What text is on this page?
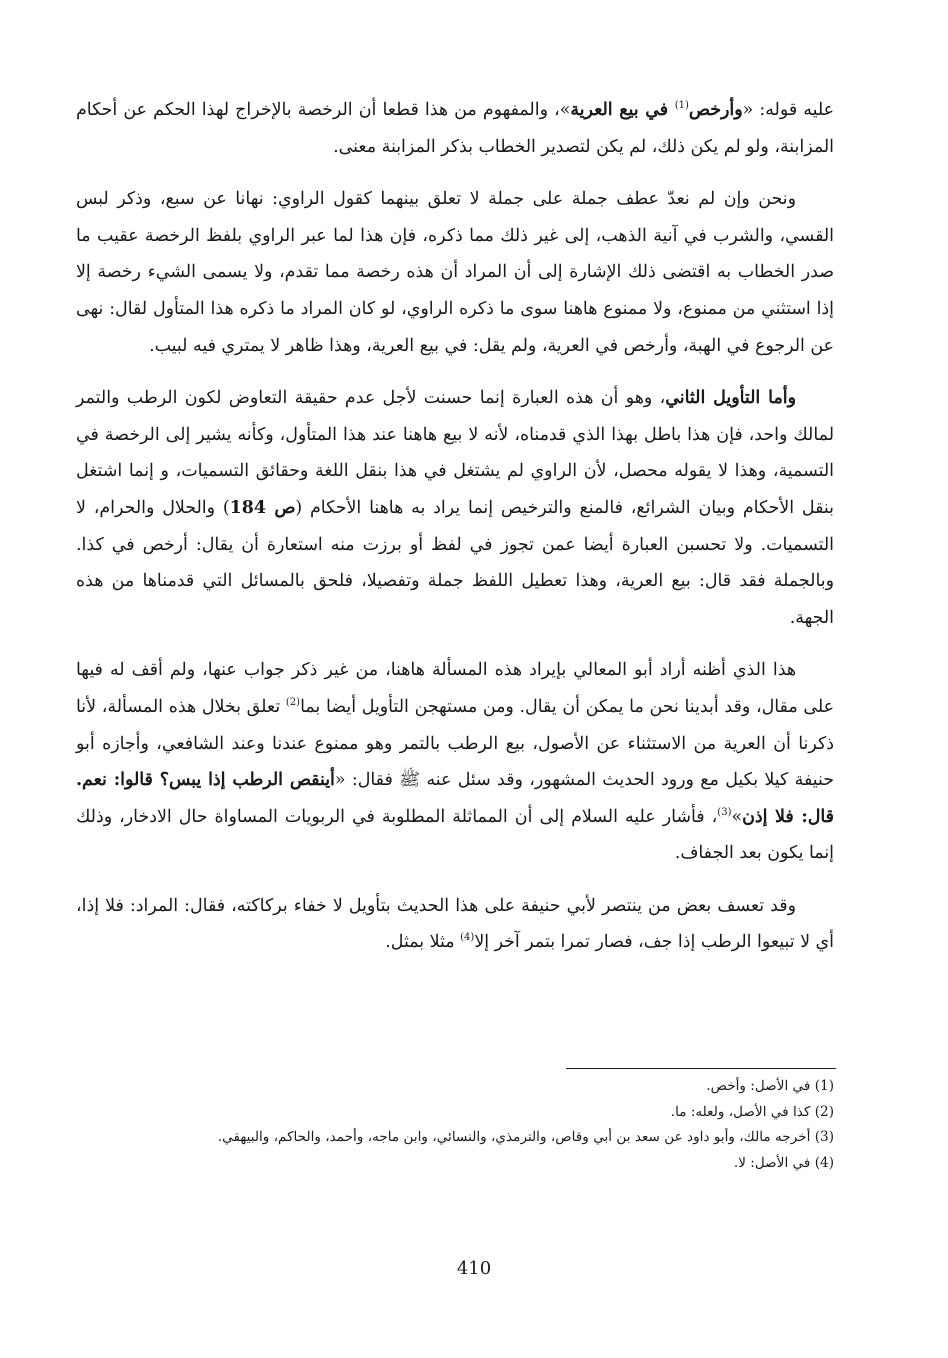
عليه قوله: «وأرخص$^{(1)}$ في بيع العرية»، والمفهوم من هذا قطعا أن الرخصة بالإخراج لهذا الحكم عن أحكام المزابنة، ولو لم يكن ذلك، لم يكن لتصدير الخطاب بذكر المزابنة معنى.

ونحن وإن لم نعدّ عطف جملة على جملة لا تعلق بينهما كقول الراوي: نهانا عن سبع، وذكر لبس القسي، والشرب في آنية الذهب، إلى غير ذلك مما ذكره، فإن هذا لما عبر الراوي بلفظ الرخصة عقيب ما صدر الخطاب به اقتضى ذلك الإشارة إلى أن المراد أن هذه رخصة مما تقدم، ولا يسمى الشيء رخصة إلا إذا استثني من ممنوع، ولا ممنوع هاهنا سوى ما ذكره الراوي، لو كان المراد ما ذكره هذا المتأول لقال: نهى عن الرجوع في الهبة، وأرخص في العرية، ولم يقل: في بيع العرية، وهذا ظاهر لا يمتري فيه لبيب.

وأما التأويل الثاني، وهو أن هذه العبارة إنما حسنت لأجل عدم حقيقة التعاوض لكون الرطب والتمر لمالك واحد، فإن هذا باطل بهذا الذي قدمناه، لأنه لا بيع هاهنا عند هذا المتأول، وكأنه يشير إلى الرخصة في التسمية، وهذا لا يقوله محصل، لأن الراوي لم يشتغل في هذا بنقل اللغة وحقائق التسميات، و إنما اشتغل بنقل الأحكام وبيان الشرائع، فالمنع والترخيص إنما يراد به هاهنا الأحكام (ص 184) والحلال والحرام، لا التسميات. ولا تحسبن العبارة أيضا عمن تجوز في لفظ أو برزت منه استعارة أن يقال: أرخص في كذا. وبالجملة فقد قال: بيع العرية، وهذا تعطيل اللفظ جملة وتفصيلا، فلحق بالمسائل التي قدمناها من هذه الجهة.

هذا الذي أظنه أراد أبو المعالي بإيراد هذه المسألة هاهنا، من غير ذكر جواب عنها، ولم أقف له فيها على مقال، وقد أبدينا نحن ما يمكن أن يقال. ومن مستهجن التأويل أيضا بما$^{(2)}$ تعلق بخلال هذه المسألة، لأنا ذكرنا أن العرية من الاستثناء عن الأصول، بيع الرطب بالتمر وهو ممنوع عندنا وعند الشافعي، وأجازه أبو حنيفة كيلا بكيل مع ورود الحديث المشهور، وقد سئل عنه ﷺ فقال: «أينقص الرطب إذا يبس؟ قالوا: نعم. قال: فلا إذن»$^{(3)}$، فأشار عليه السلام إلى أن المماثلة المطلوبة في الربويات المساواة حال الادخار، وذلك إنما يكون بعد الجفاف.

وقد تعسف بعض من ينتصر لأبي حنيفة على هذا الحديث بتأويل لا خفاء بركاكته، فقال: المراد: فلا إذا، أي لا تبيعوا الرطب إذا جف، فصار تمرا بتمر آخر إلا$^{(4)}$ مثلا بمثل.

(1) في الأصل: وأخص.

(2) كذا في الأصل، ولعله: ما.

(3) أخرجه مالك، وأبو داود عن سعد بن أبي وقاص، والترمذي، والنسائي، وابن ماجه، وأحمد، والحاكم، والبيهقي.

(4) في الأصل: لا.

410
